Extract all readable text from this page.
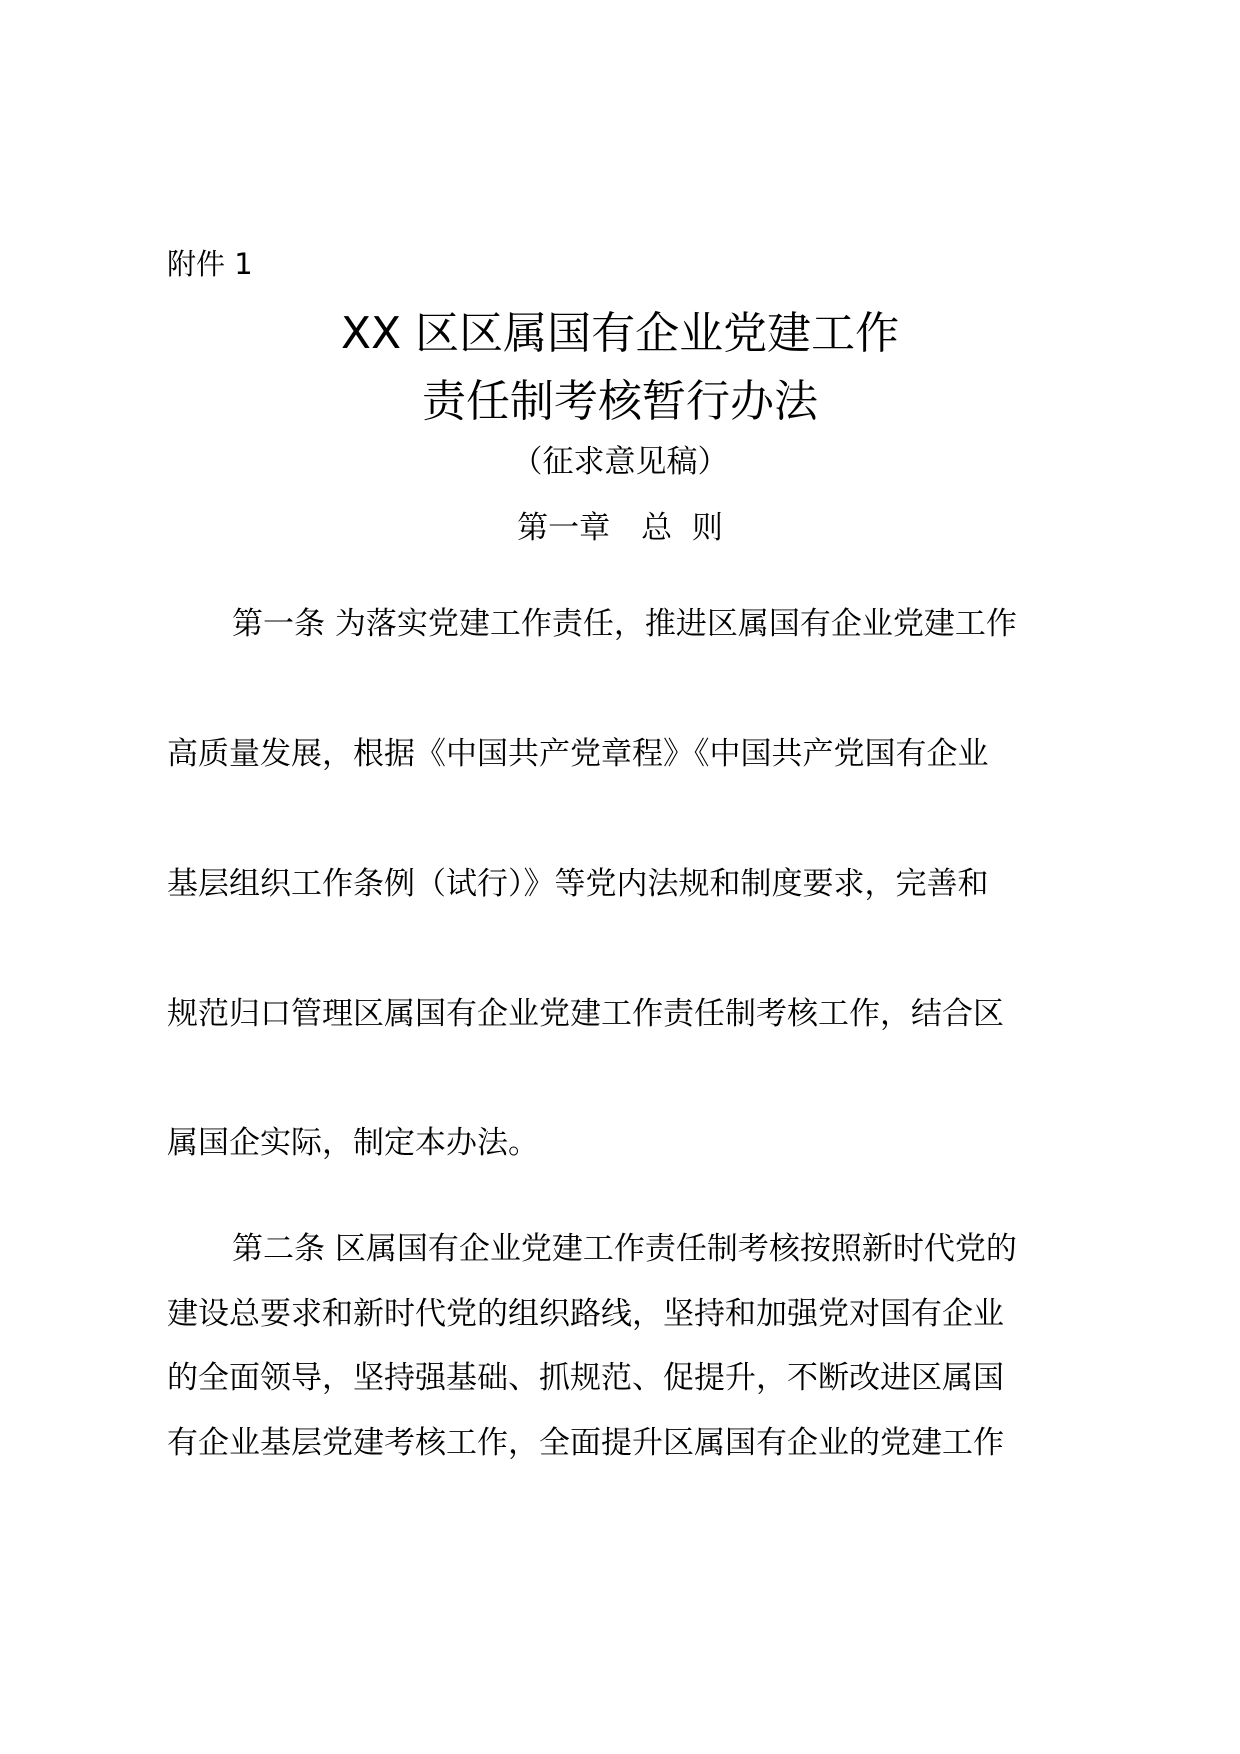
附件 1
XX 区区属国有企业党建工作
责任制考核暂行办法
（征求意见稿）
第一章　总  则
第一条 为落实党建工作责任，推进区属国有企业党建工作
高质量发展，根据《中国共产党章程》《中国共产党国有企业
基层组织工作条例（试行）》等党内法规和制度要求，完善和
规范归口管理区属国有企业党建工作责任制考核工作，结合区
属国企实际，制定本办法。
第二条 区属国有企业党建工作责任制考核按照新时代党的
建设总要求和新时代党的组织路线，坚持和加强党对国有企业
的全面领导，坚持强基础、抓规范、促提升，不断改进区属国
有企业基层党建考核工作，全面提升区属国有企业的党建工作
